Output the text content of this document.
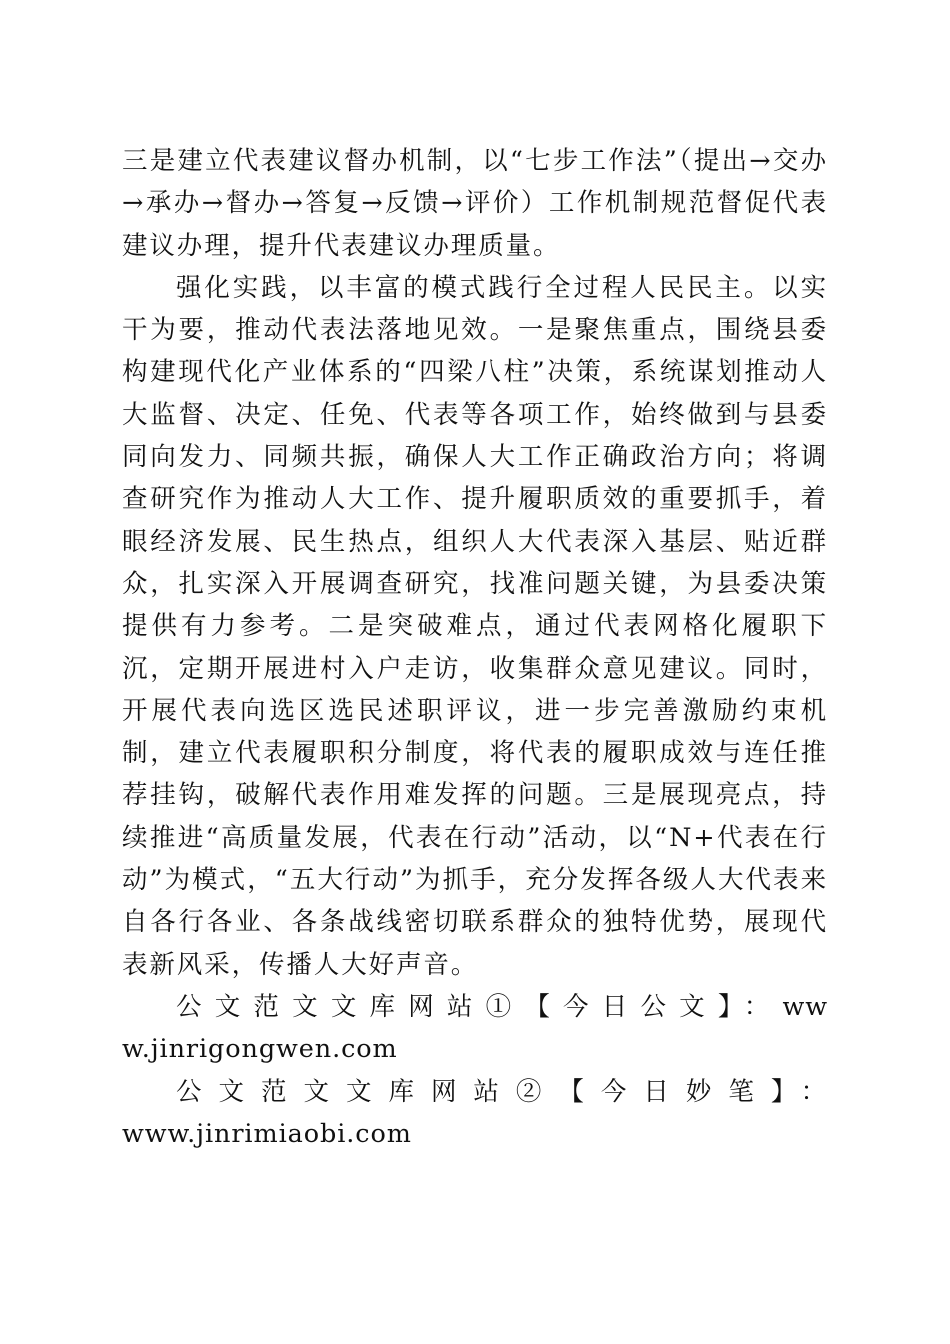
三是建立代表建议督办机制，以“七步工作法”（提出→交办→承办→督办→答复→反馈→评价）工作机制规范督促代表建议办理，提升代表建议办理质量。

强化实践，以丰富的模式践行全过程人民民主。以实干为要，推动代表法落地见效。一是聚焦重点，围绕县委构建现代化产业体系的“四梁八柱”决策，系统谋划推动人大监督、决定、任免、代表等各项工作，始终做到与县委同向发力、同频共振，确保人大工作正确政治方向；将调查研究作为推动人大工作、提升履职质效的重要抓手，着眼经济发展、民生热点，组织人大代表深入基层、贴近群众，扎实深入开展调查研究，找准问题关键，为县委决策提供有力参考。二是突破难点，通过代表网格化履职下沉，定期开展进村入户走访，收集群众意见建议。同时，开展代表向选区选民述职评议，进一步完善激励约束机制，建立代表履职积分制度，将代表的履职成效与连任推荐挂钩，破解代表作用难发挥的问题。三是展现亮点，持续推进“高质量发展，代表在行动”活动，以“N+代表在行动”为模式，“五大行动”为抓手，充分发挥各级人大代表来自各行各业、各条战线密切联系群众的独特优势，展现代表新风采，传播人大好声音。

公文范文文库网站①【今日公文】：www.jinrigongwen.com

公文范文文库网站②【今日妙笔】：www.jinrimiaobi.com
